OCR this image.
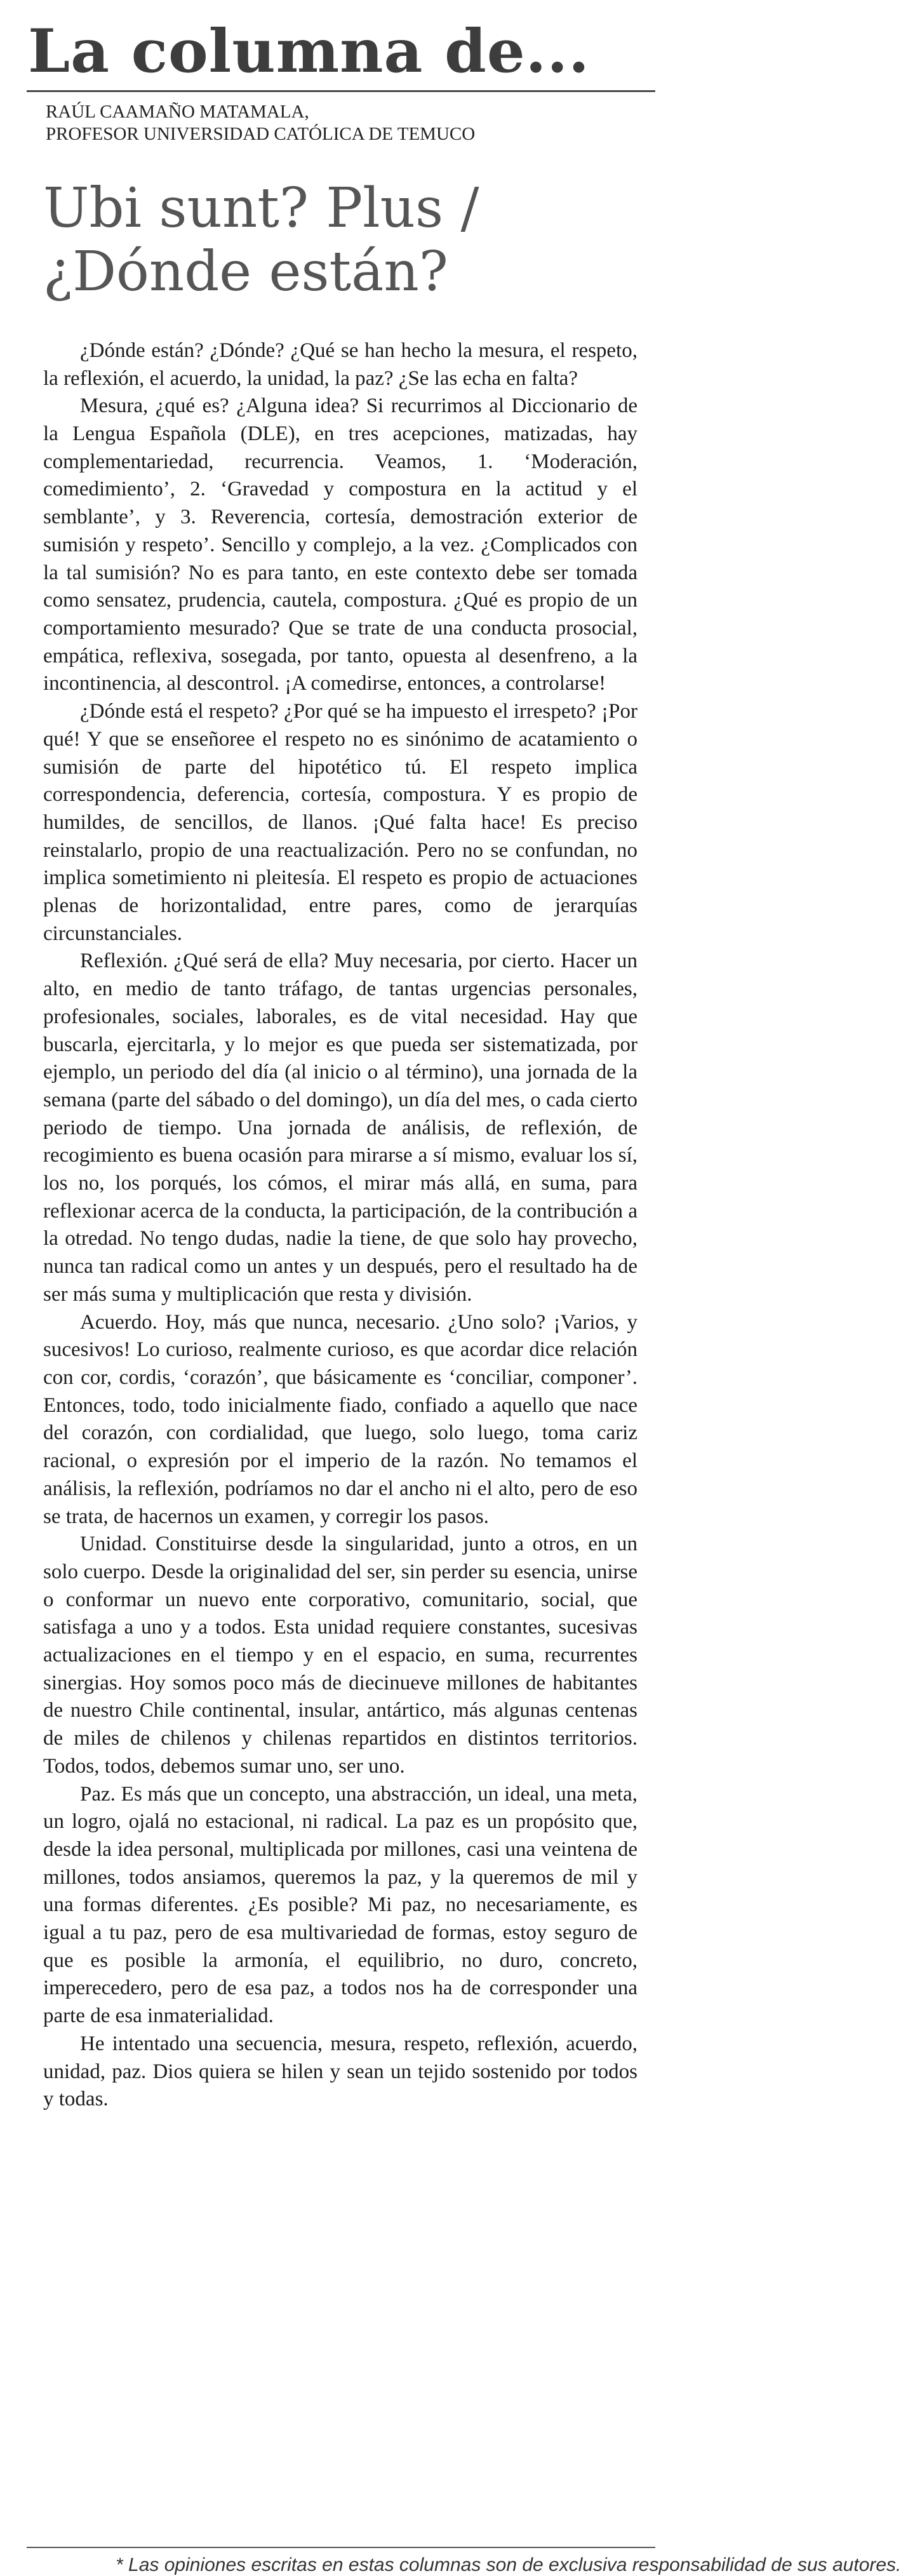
La columna de...
RAÚL CAAMAÑO MATAMALA,
PROFESOR UNIVERSIDAD CATÓLICA DE TEMUCO
Ubi sunt? Plus /
¿Dónde están?

¿Dónde están? ¿Dónde? ¿Qué se han hecho la mesura, el respeto, la reflexión, el acuerdo, la unidad, la paz? ¿Se las echa en falta?

Mesura, ¿qué es? ¿Alguna idea? Si recurrimos al Diccionario de la Lengua Española (DLE), en tres acepciones, matizadas, hay complementariedad, recurrencia. Veamos, 1. ‘Moderación, comedimiento’, 2. ‘Gravedad y compostura en la actitud y el semblante’, y 3. Reverencia, cortesía, demostración exterior de sumisión y respeto’. Sencillo y complejo, a la vez. ¿Complicados con la tal sumisión? No es para tanto, en este contexto debe ser tomada como sensatez, prudencia, cautela, compostura. ¿Qué es propio de un comportamiento mesurado? Que se trate de una conducta prosocial, empática, reflexiva, sosegada, por tanto, opuesta al desenfreno, a la incontinencia, al descontrol. ¡A comedirse, entonces, a controlarse!

¿Dónde está el respeto? ¿Por qué se ha impuesto el irrespeto? ¡Por qué! Y que se enseñoree el respeto no es sinónimo de acatamiento o sumisión de parte del hipotético tú. El respeto implica correspondencia, deferencia, cortesía, compostura. Y es propio de humildes, de sencillos, de llanos. ¡Qué falta hace! Es preciso reinstalarlo, propio de una reactualización. Pero no se confundan, no implica sometimiento ni pleitesía. El respeto es propio de actuaciones plenas de horizontalidad, entre pares, como de jerarquías circunstanciales.

Reflexión. ¿Qué será de ella? Muy necesaria, por cierto. Hacer un alto, en medio de tanto tráfago, de tantas urgencias personales, profesionales, sociales, laborales, es de vital necesidad. Hay que buscarla, ejercitarla, y lo mejor es que pueda ser sistematizada, por ejemplo, un periodo del día (al inicio o al término), una jornada de la semana (parte del sábado o del domingo), un día del mes, o cada cierto periodo de tiempo. Una jornada de análisis, de reflexión, de recogimiento es buena ocasión para mirarse a sí mismo, evaluar los sí, los no, los porqués, los cómos, el mirar más allá, en suma, para reflexionar acerca de la conducta, la participación, de la contribución a la otredad. No tengo dudas, nadie la tiene, de que solo hay provecho, nunca tan radical como un antes y un después, pero el resultado ha de ser más suma y multiplicación que resta y división.

Acuerdo. Hoy, más que nunca, necesario. ¿Uno solo? ¡Varios, y sucesivos! Lo curioso, realmente curioso, es que acordar dice relación con cor, cordis, ‘corazón’, que básicamente es ‘conciliar, componer’. Entonces, todo, todo inicialmente fiado, confiado a aquello que nace del corazón, con cordialidad, que luego, solo luego, toma cariz racional, o expresión por el imperio de la razón. No temamos el análisis, la reflexión, podríamos no dar el ancho ni el alto, pero de eso se trata, de hacernos un examen, y corregir los pasos.

Unidad. Constituirse desde la singularidad, junto a otros, en un solo cuerpo. Desde la originalidad del ser, sin perder su esencia, unirse o conformar un nuevo ente corporativo, comunitario, social, que satisfaga a uno y a todos. Esta unidad requiere constantes, sucesivas actualizaciones en el tiempo y en el espacio, en suma, recurrentes sinergias. Hoy somos poco más de diecinueve millones de habitantes de nuestro Chile continental, insular, antártico, más algunas centenas de miles de chilenos y chilenas repartidos en distintos territorios. Todos, todos, debemos sumar uno, ser uno.

Paz. Es más que un concepto, una abstracción, un ideal, una meta, un logro, ojalá no estacional, ni radical. La paz es un propósito que, desde la idea personal, multiplicada por millones, casi una veintena de millones, todos ansiamos, queremos la paz, y la queremos de mil y una formas diferentes. ¿Es posible? Mi paz, no necesariamente, es igual a tu paz, pero de esa multivariedad de formas, estoy seguro de que es posible la armonía, el equilibrio, no duro, concreto, imperecedero, pero de esa paz, a todos nos ha de corresponder una parte de esa inmaterialidad.

He intentado una secuencia, mesura, respeto, reflexión, acuerdo, unidad, paz. Dios quiera se hilen y sean un tejido sostenido por todos y todas.

* Las opiniones escritas en estas columnas son de exclusiva responsabilidad de sus autores.
